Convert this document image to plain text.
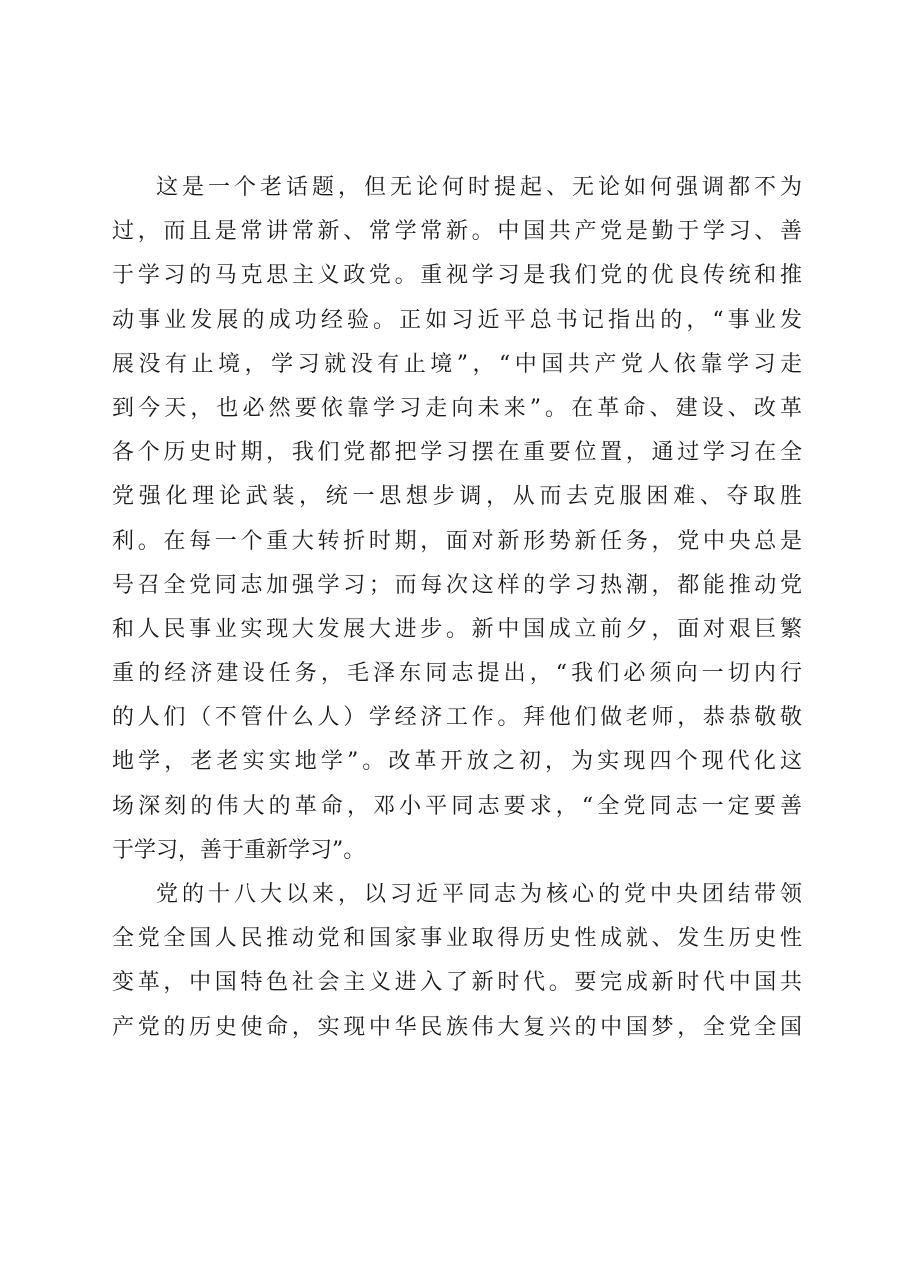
这是一个老话题，但无论何时提起、无论如何强调都不为
过，而且是常讲常新、常学常新。中国共产党是勤于学习、善
于学习的马克思主义政党。重视学习是我们党的优良传统和推
动事业发展的成功经验。正如习近平总书记指出的，“事业发
展没有止境，学习就没有止境”，“中国共产党人依靠学习走
到今天，也必然要依靠学习走向未来”。在革命、建设、改革
各个历史时期，我们党都把学习摆在重要位置，通过学习在全
党强化理论武装，统一思想步调，从而去克服困难、夺取胜
利。在每一个重大转折时期，面对新形势新任务，党中央总是
号召全党同志加强学习；而每次这样的学习热潮，都能推动党
和人民事业实现大发展大进步。新中国成立前夕，面对艰巨繁
重的经济建设任务，毛泽东同志提出，“我们必须向一切内行
的人们（不管什么人）学经济工作。拜他们做老师，恭恭敬敬
地学，老老实实地学”。改革开放之初，为实现四个现代化这
场深刻的伟大的革命，邓小平同志要求，“全党同志一定要善
于学习，善于重新学习”。
党的十八大以来，以习近平同志为核心的党中央团结带领
全党全国人民推动党和国家事业取得历史性成就、发生历史性
变革，中国特色社会主义进入了新时代。要完成新时代中国共
产党的历史使命，实现中华民族伟大复兴的中国梦，全党全国
